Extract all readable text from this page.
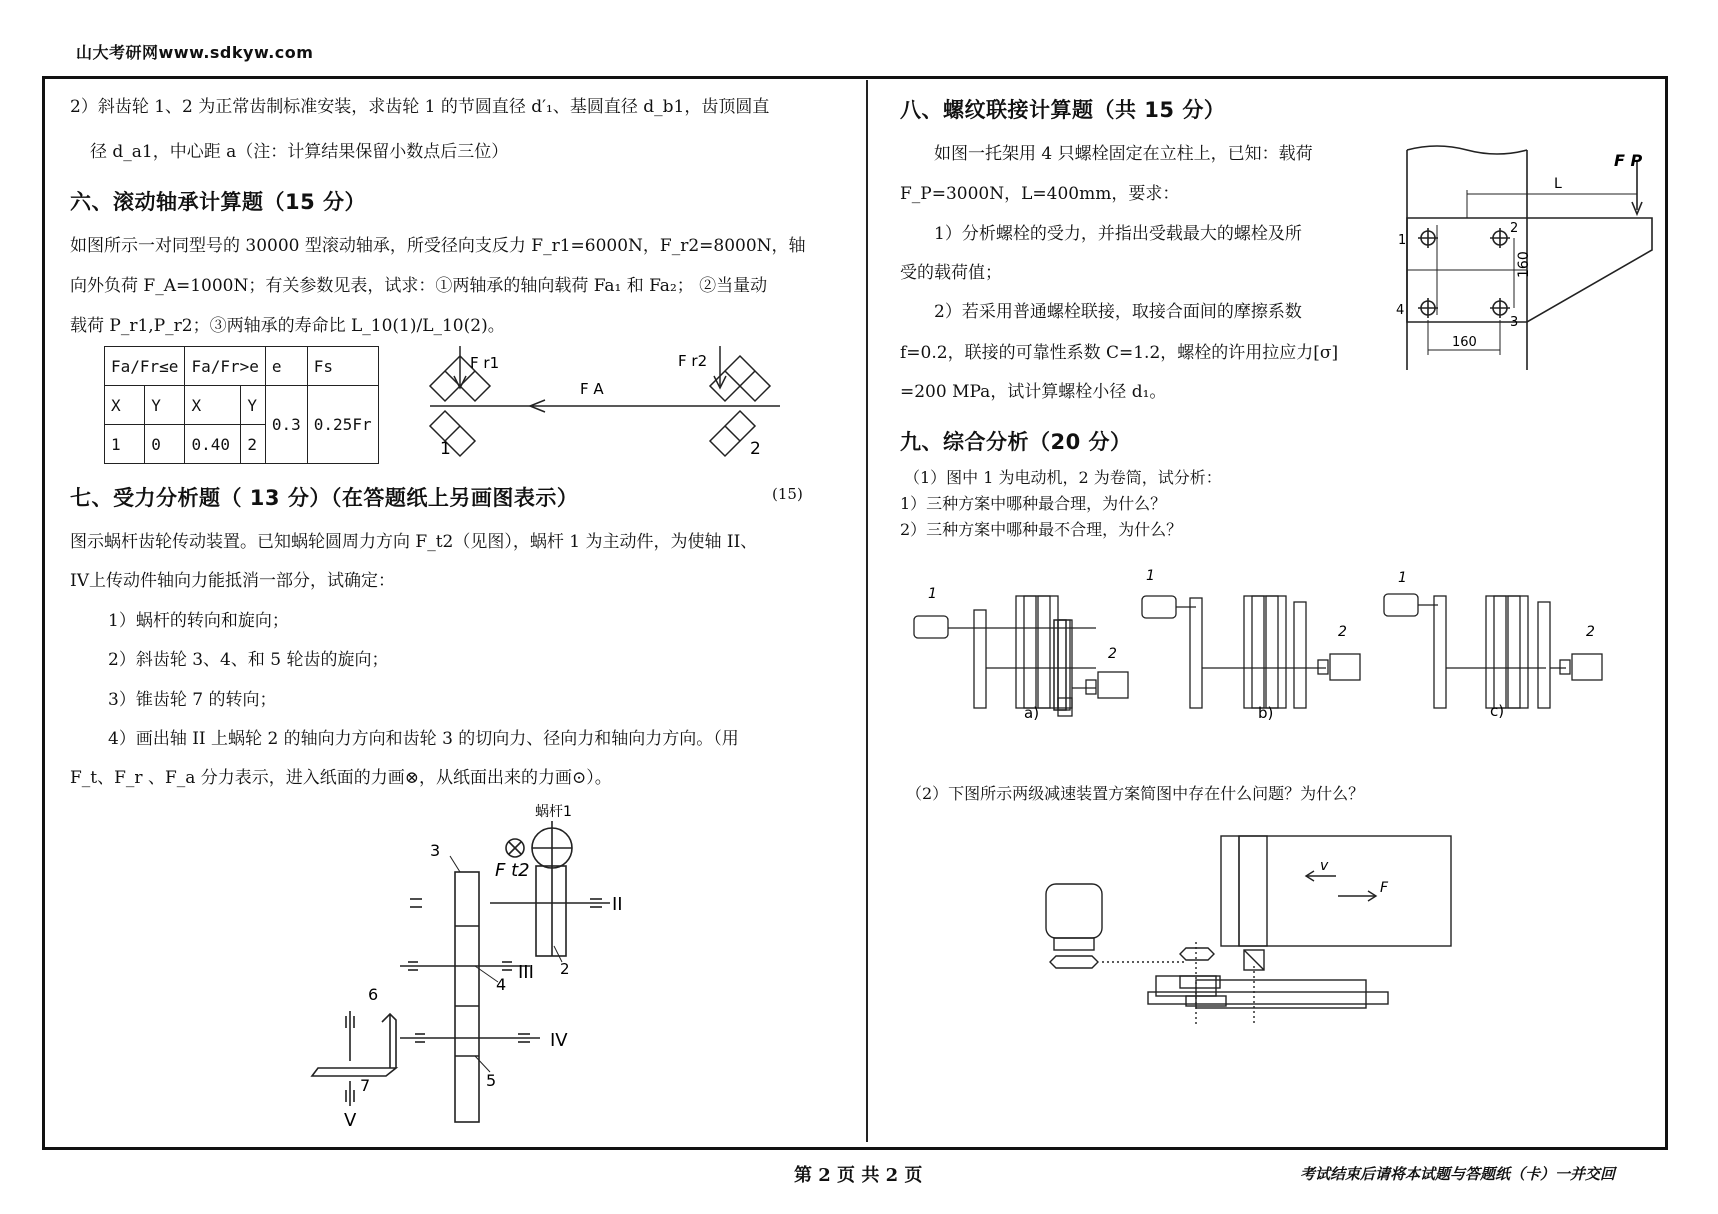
山大考研网www.sdkyw.com
2）斜齿轮 1、2 为正常齿制标准安装，求齿轮 1 的节圆直径 d′₁、基圆直径 d_b1，齿顶圆直
径 d_a1，中心距 a（注：计算结果保留小数点后三位）
六、滚动轴承计算题（15 分）
如图所示一对同型号的 30000 型滚动轴承，所受径向支反力 F_r1=6000N，F_r2=8000N，轴
向外负荷 F_A=1000N；有关参数见表，试求：①两轴承的轴向载荷 Fa₁ 和 Fa₂； ②当量动
载荷 P_r1,P_r2；③两轴承的寿命比 L_10(1)/L_10(2)。
Fa/Fr≤e		Fa/Fr>e		e	Fs
X	Y	X	Y	0.3	0.25Fr
1	0	0.40	2		
F r1	F r2
F A
1	2
七、受力分析题（ 13 分）（在答题纸上另画图表示）	(15)
图示蜗杆齿轮传动装置。已知蜗轮圆周力方向 F_t2（见图），蜗杆 1 为主动件，为使轴 II、
IV上传动件轴向力能抵消一部分，试确定：
1）蜗杆的转向和旋向；
2）斜齿轮 3、4、和 5 轮齿的旋向；
3）锥齿轮 7 的转向；
4）画出轴 II 上蜗轮 2 的轴向力方向和齿轮 3 的切向力、径向力和轴向力方向。（用
F_t、F_r 、F_a 分力表示，进入纸面的力画⊗，从纸面出来的力画⊙）。
蜗杆1
F t2
2
3
4
5
6
7
II
III
IV
V
八、螺纹联接计算题（共 15 分）
如图一托架用 4 只螺栓固定在立柱上，已知：载荷
F_P=3000N，L=400mm，要求：
1）分析螺栓的受力，并指出受载最大的螺栓及所
受的载荷值；
2）若采用普通螺栓联接，取接合面间的摩擦系数
f=0.2，联接的可靠性系数 C=1.2，螺栓的许用拉应力[σ]
=200 MPa，试计算螺栓小径 d₁。
F P
L
160
160
1
2
3
4
九、综合分析（20 分）
（1）图中 1 为电动机，2 为卷筒，试分析：
1）三种方案中哪种最合理，为什么？
2）三种方案中哪种最不合理，为什么？
1
2
a)
1
2
b)
1
2
c)
（2）下图所示两级减速装置方案简图中存在什么问题？为什么？
v
F
第 2 页 共 2 页	考试结束后请将本试题与答题纸（卡）一并交回
